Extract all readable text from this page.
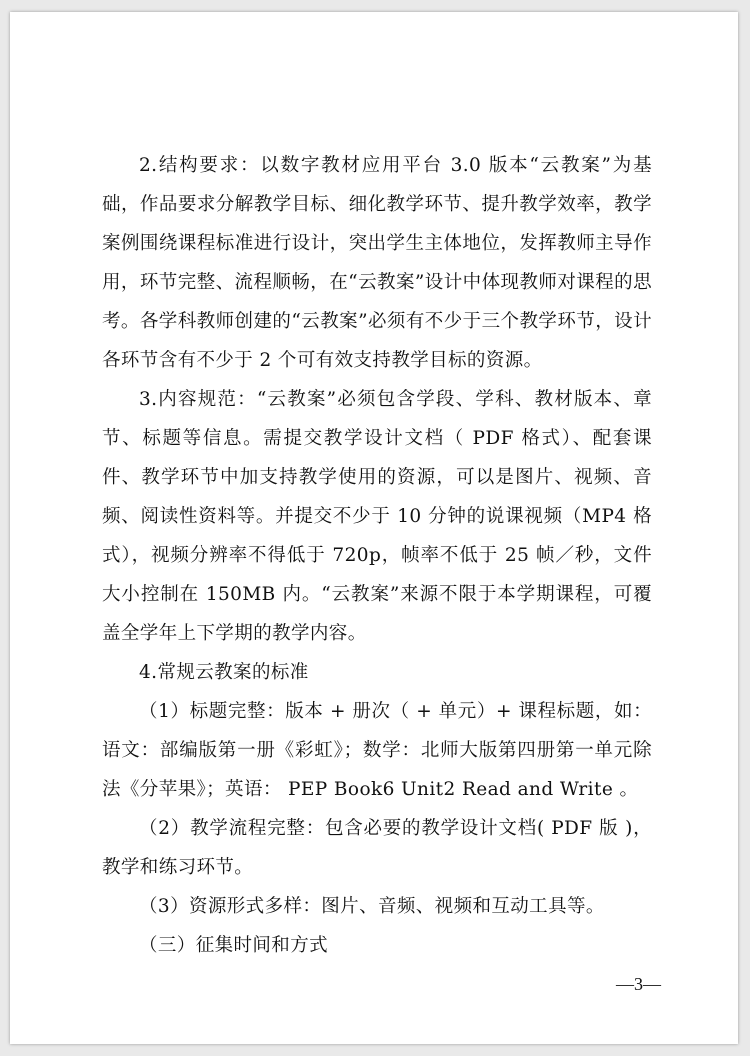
2.结构要求：以数字教材应用平台 3.0 版本“云教案”为基础，作品要求分解教学目标、细化教学环节、提升教学效率，教学案例围绕课程标准进行设计，突出学生主体地位，发挥教师主导作用，环节完整、流程顺畅，在“云教案”设计中体现教师对课程的思考。各学科教师创建的“云教案”必须有不少于三个教学环节，设计各环节含有不少于 2 个可有效支持教学目标的资源。

3.内容规范：“云教案”必须包含学段、学科、教材版本、章节、标题等信息。需提交教学设计文档（ PDF 格式）、配套课件、教学环节中加支持教学使用的资源，可以是图片、视频、音频、阅读性资料等。并提交不少于 10 分钟的说课视频（MP4 格式），视频分辨率不得低于 720p，帧率不低于 25 帧／秒，文件大小控制在 150MB 内。“云教案”来源不限于本学期课程，可覆盖全学年上下学期的教学内容。

4.常规云教案的标准

（1）标题完整：版本 + 册次（ + 单元）+ 课程标题，如：语文：部编版第一册《彩虹》；数学：北师大版第四册第一单元除法《分苹果》；英语： PEP Book6 Unit2 Read and Write 。

（2）教学流程完整：包含必要的教学设计文档( PDF 版 )，教学和练习环节。

（3）资源形式多样：图片、音频、视频和互动工具等。

（三）征集时间和方式

—3—
